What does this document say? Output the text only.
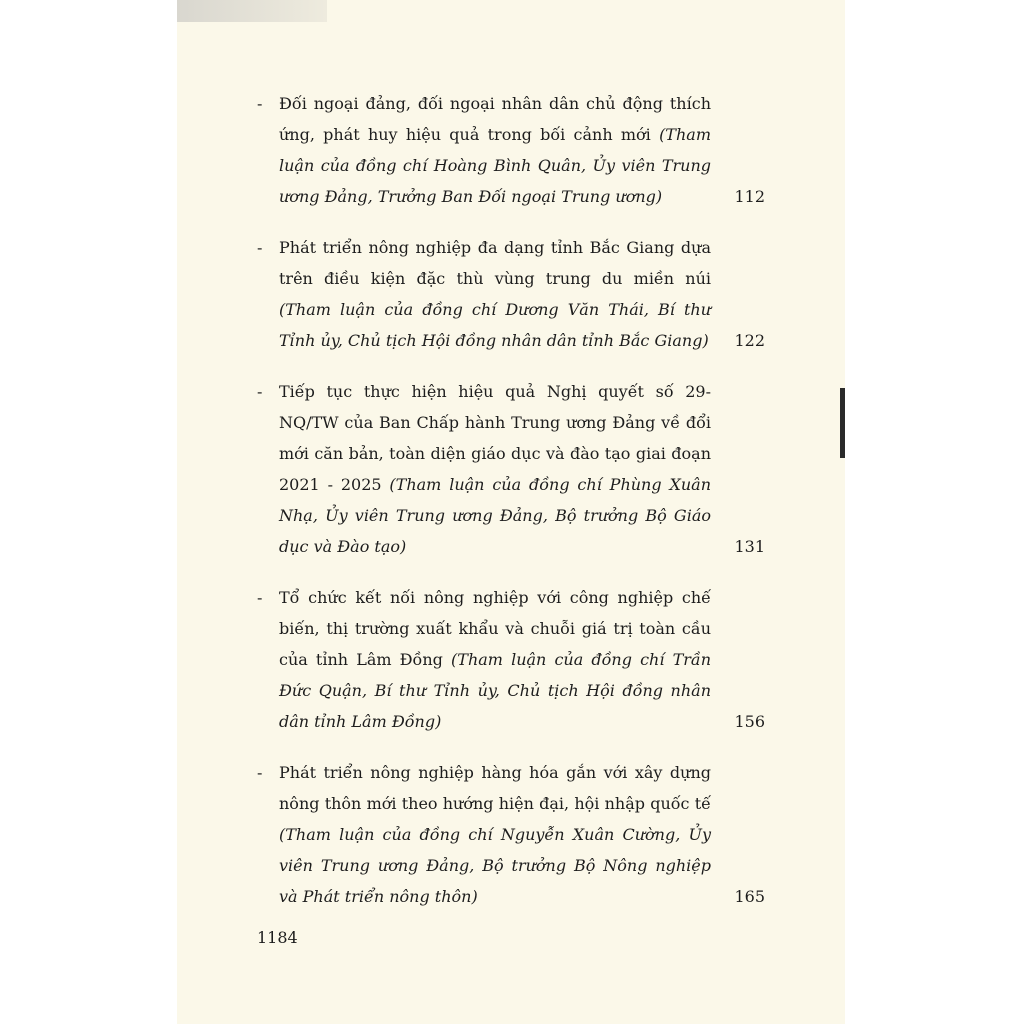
-	Đối ngoại đảng, đối ngoại nhân dân chủ động thích ứng, phát huy hiệu quả trong bối cảnh mới (Tham luận của đồng chí Hoàng Bình Quân, Ủy viên Trung ương Đảng, Trưởng Ban Đối ngoại Trung ương)	112
-	Phát triển nông nghiệp đa dạng tỉnh Bắc Giang dựa trên điều kiện đặc thù vùng trung du miền núi (Tham luận của đồng chí Dương Văn Thái, Bí thư Tỉnh ủy, Chủ tịch Hội đồng nhân dân tỉnh Bắc Giang)	122
-	Tiếp tục thực hiện hiệu quả Nghị quyết số 29-NQ/TW của Ban Chấp hành Trung ương Đảng về đổi mới căn bản, toàn diện giáo dục và đào tạo giai đoạn 2021 - 2025 (Tham luận của đồng chí Phùng Xuân Nhạ, Ủy viên Trung ương Đảng, Bộ trưởng Bộ Giáo dục và Đào tạo)	131
-	Tổ chức kết nối nông nghiệp với công nghiệp chế biến, thị trường xuất khẩu và chuỗi giá trị toàn cầu của tỉnh Lâm Đồng (Tham luận của đồng chí Trần Đức Quận, Bí thư Tỉnh ủy, Chủ tịch Hội đồng nhân dân tỉnh Lâm Đồng)	156
-	Phát triển nông nghiệp hàng hóa gắn với xây dựng nông thôn mới theo hướng hiện đại, hội nhập quốc tế (Tham luận của đồng chí Nguyễn Xuân Cường, Ủy viên Trung ương Đảng, Bộ trưởng Bộ Nông nghiệp và Phát triển nông thôn)	165
1184
